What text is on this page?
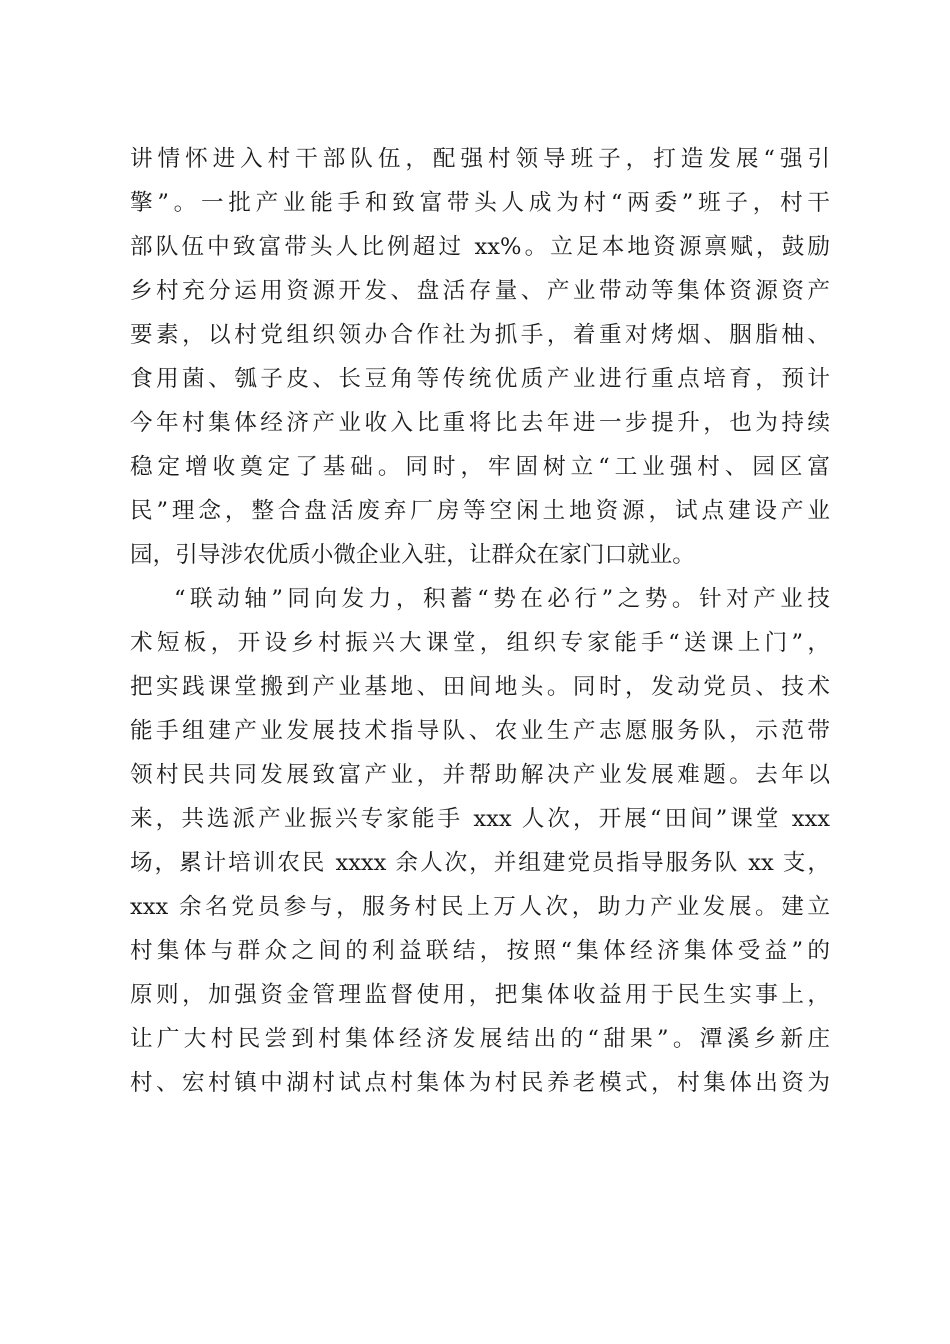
讲情怀进入村干部队伍，配强村领导班子，打造发展“强引
擎”。一批产业能手和致富带头人成为村“两委”班子，村干
部队伍中致富带头人比例超过 xx%。立足本地资源禀赋，鼓励
乡村充分运用资源开发、盘活存量、产业带动等集体资源资产
要素，以村党组织领办合作社为抓手，着重对烤烟、胭脂柚、
食用菌、瓠子皮、长豆角等传统优质产业进行重点培育，预计
今年村集体经济产业收入比重将比去年进一步提升，也为持续
稳定增收奠定了基础。同时，牢固树立“工业强村、园区富
民”理念，整合盘活废弃厂房等空闲土地资源，试点建设产业
园，引导涉农优质小微企业入驻，让群众在家门口就业。
“联动轴”同向发力，积蓄“势在必行”之势。针对产业技
术短板，开设乡村振兴大课堂，组织专家能手“送课上门”，
把实践课堂搬到产业基地、田间地头。同时，发动党员、技术
能手组建产业发展技术指导队、农业生产志愿服务队，示范带
领村民共同发展致富产业，并帮助解决产业发展难题。去年以
来，共选派产业振兴专家能手 xxx 人次，开展“田间”课堂 xxx
场，累计培训农民 xxxx 余人次，并组建党员指导服务队 xx 支，
xxx 余名党员参与，服务村民上万人次，助力产业发展。建立
村集体与群众之间的利益联结，按照“集体经济集体受益”的
原则，加强资金管理监督使用，把集体收益用于民生实事上，
让广大村民尝到村集体经济发展结出的“甜果”。潭溪乡新庄
村、宏村镇中湖村试点村集体为村民养老模式，村集体出资为
